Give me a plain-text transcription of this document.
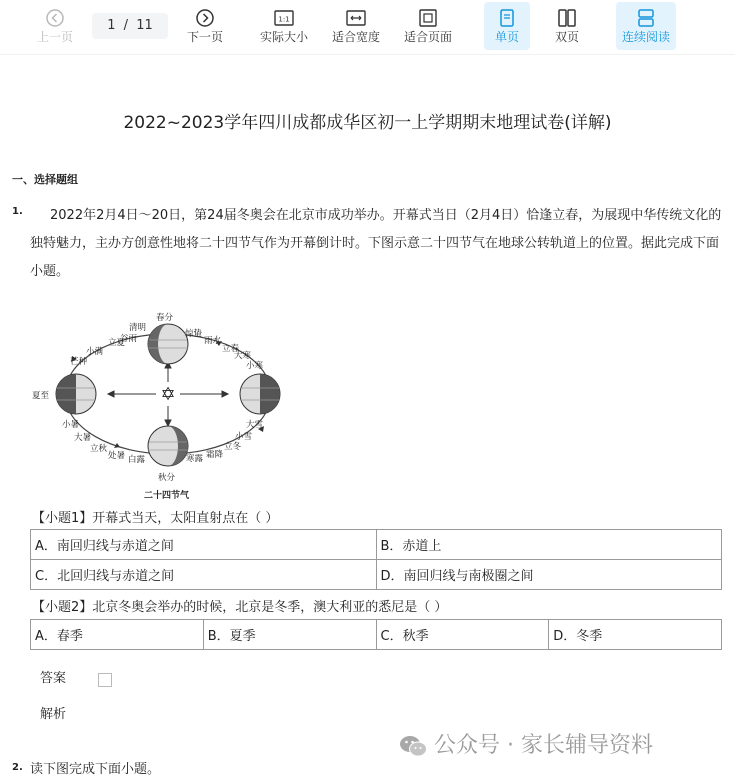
上一页
1 / 11
下一页
1:1
实际大小	适合宽度	适合页面	单页	双页	连续阅读
2022~2023学年四川成都成华区初一上学期期末地理试卷(详解)
一、选择题组
1.	2022年2月4日～20日，第24届冬奥会在北京市成功举办。开幕式当日（2月4日）恰逢立春，为展现中华传统文化的独特魅力，主办方创意性地将二十四节气作为开幕倒计时。下图示意二十四节气在地球公转轨道上的位置。据此完成下面小题。
✡
春分
惊蛰
雨水
立春
大寒
小寒
大雪
小雪
立冬
霜降
寒露
秋分
白露
处暑
立秋
大暑
小暑
夏至
芒种
小满
立夏
谷雨
清明
二十四节气
【小题1】开幕式当天，太阳直射点在（ ）
A．南回归线与赤道之间	B．赤道上
C．北回归线与赤道之间	D．南回归线与南极圈之间
【小题2】北京冬奥会举办的时候，北京是冬季，澳大利亚的悉尼是（ ）
A．春季	B．夏季	C．秋季	D．冬季
答案
解析
公众号 · 家长辅导资料
2. 读下图完成下面小题。
